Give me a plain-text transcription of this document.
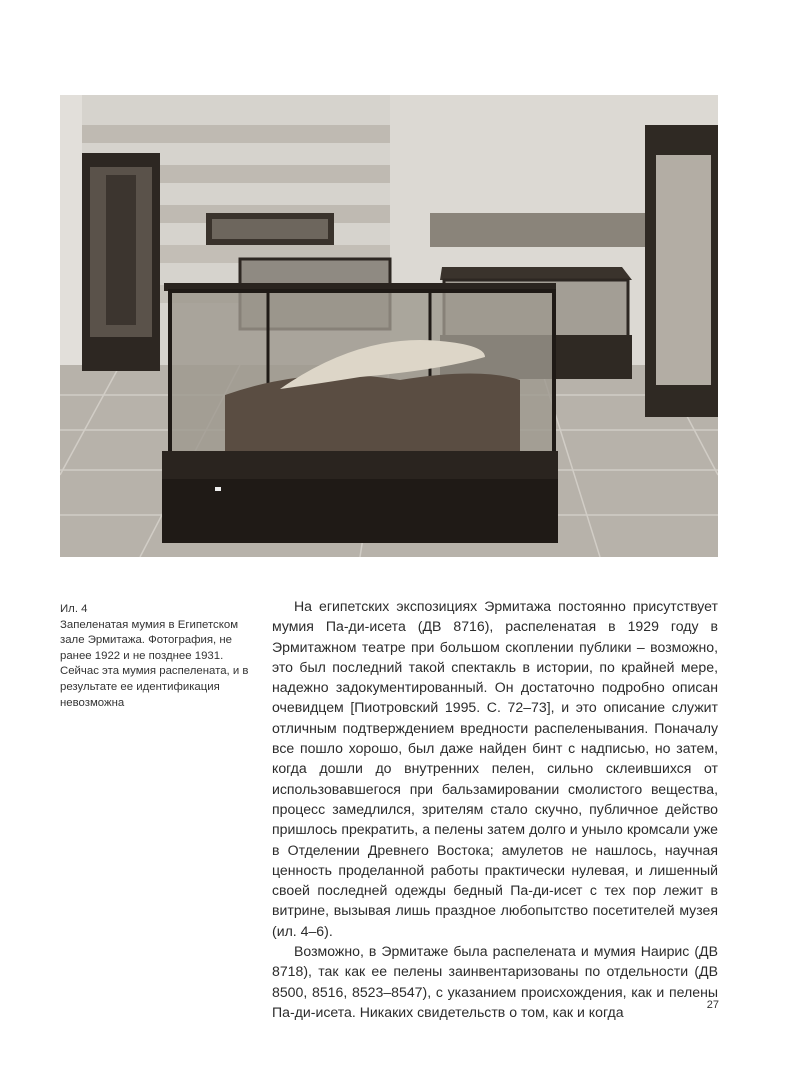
Ил. 4
Запеленатая мумия в Египетском зале Эрмитажа. Фотография, не ранее 1922 и не позднее 1931. Сейчас эта мумия распелената, и в результате ее идентификация невозможна

На египетских экспозициях Эрмитажа постоянно присутствует мумия Па-ди-исета (ДВ 8716), распеленатая в 1929 году в Эрмитажном театре при большом скоплении публики – возможно, это был последний такой спектакль в истории, по крайней мере, надежно задокументированный. Он достаточно подробно описан очевидцем [Пиотровский 1995. С. 72–73], и это описание служит отличным подтверждением вредности распеленывания. Поначалу все пошло хорошо, был даже найден бинт с надписью, но затем, когда дошли до внутренних пелен, сильно склеившихся от использовавшегося при бальзамировании смолистого вещества, процесс замедлился, зрителям стало скучно, публичное действо пришлось прекратить, а пелены затем долго и уныло кромсали уже в Отделении Древнего Востока; амулетов не нашлось, научная ценность проделанной работы практически нулевая, и лишенный своей последней одежды бедный Па-ди-исет с тех пор лежит в витрине, вызывая лишь праздное любопытство посетителей музея (ил. 4–6).

Возможно, в Эрмитаже была распелената и мумия Наирис (ДВ 8718), так как ее пелены заинвентаризованы по отдельности (ДВ 8500, 8516, 8523–8547), с указанием происхождения, как и пелены Па-ди-исета. Никаких свидетельств о том, как и когда	27
